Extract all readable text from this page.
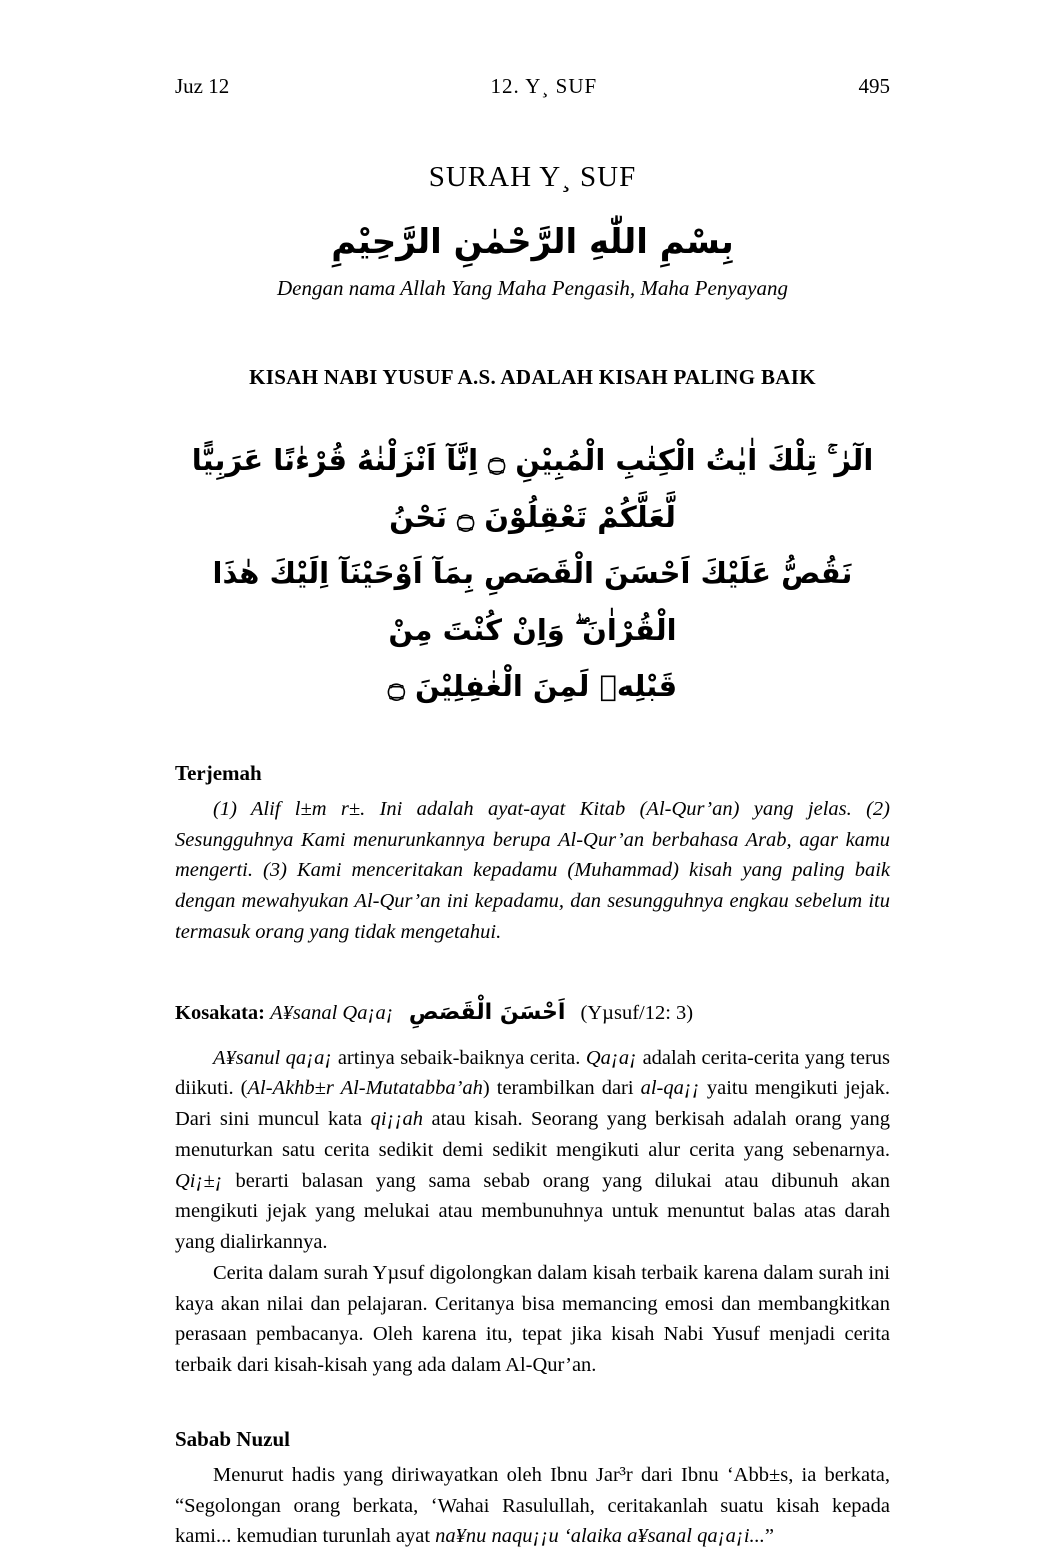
Juz 12	12. Y¸ SUF	495
SURAH Y¸ SUF
بِسْمِ اللّٰهِ الرَّحْمٰنِ الرَّحِيْمِ
Dengan nama Allah Yang Maha Pengasih, Maha Penyayang
KISAH NABI YUSUF A.S. ADALAH KISAH PALING BAIK
الٓرٰ ۚ تِلْكَ اٰيٰتُ الْكِتٰبِ الْمُبِيْنِ ۝ اِنَّآ اَنْزَلْنٰهُ قُرْءٰنًا عَرَبِيًّا لَّعَلَّكُمْ تَعْقِلُوْنَ ۝ نَحْنُ
نَقُصُّ عَلَيْكَ اَحْسَنَ الْقَصَصِ بِمَآ اَوْحَيْنَآ اِلَيْكَ هٰذَا الْقُرْاٰنَ ۖ وَاِنْ كُنْتَ مِنْ
قَبْلِهٖ لَمِنَ الْغٰفِلِيْنَ ۝
Terjemah

(1) Alif l±m r±. Ini adalah ayat-ayat Kitab (Al-Qur’an) yang jelas. (2) Sesungguhnya Kami menurunkannya berupa Al-Qur’an berbahasa Arab, agar kamu mengerti. (3) Kami menceritakan kepadamu (Muhammad) kisah yang paling baik dengan mewahyukan Al-Qur’an ini kepadamu, dan sesungguhnya engkau sebelum itu termasuk orang yang tidak mengetahui.

Kosakata: A¥sanal Qa¡a¡ اَحْسَنَ الْقَصَصِ (Yµsuf/12: 3)

A¥sanul qa¡a¡ artinya sebaik-baiknya cerita. Qa¡a¡ adalah cerita-cerita yang terus diikuti. (Al-Akhb±r Al-Mutatabba’ah) terambilkan dari al-qa¡¡ yaitu mengikuti jejak. Dari sini muncul kata qi¡¡ah atau kisah. Seorang yang berkisah adalah orang yang menuturkan satu cerita sedikit demi sedikit mengikuti alur cerita yang sebenarnya. Qi¡±¡ berarti balasan yang sama sebab orang yang dilukai atau dibunuh akan mengikuti jejak yang melukai atau membunuhnya untuk menuntut balas atas darah yang dialirkannya.

Cerita dalam surah Yµsuf digolongkan dalam kisah terbaik karena dalam surah ini kaya akan nilai dan pelajaran. Ceritanya bisa memancing emosi dan membangkitkan perasaan pembacanya. Oleh karena itu, tepat jika kisah Nabi Yusuf menjadi cerita terbaik dari kisah-kisah yang ada dalam Al-Qur’an.

Sabab Nuzul

Menurut hadis yang diriwayatkan oleh Ibnu Jar³r dari Ibnu ‘Abb±s, ia berkata, “Segolongan orang berkata, ‘Wahai Rasulullah, ceritakanlah suatu kisah kepada kami... kemudian turunlah ayat na¥nu naqu¡¡u ‘alaika a¥sanal qa¡a¡i...”
